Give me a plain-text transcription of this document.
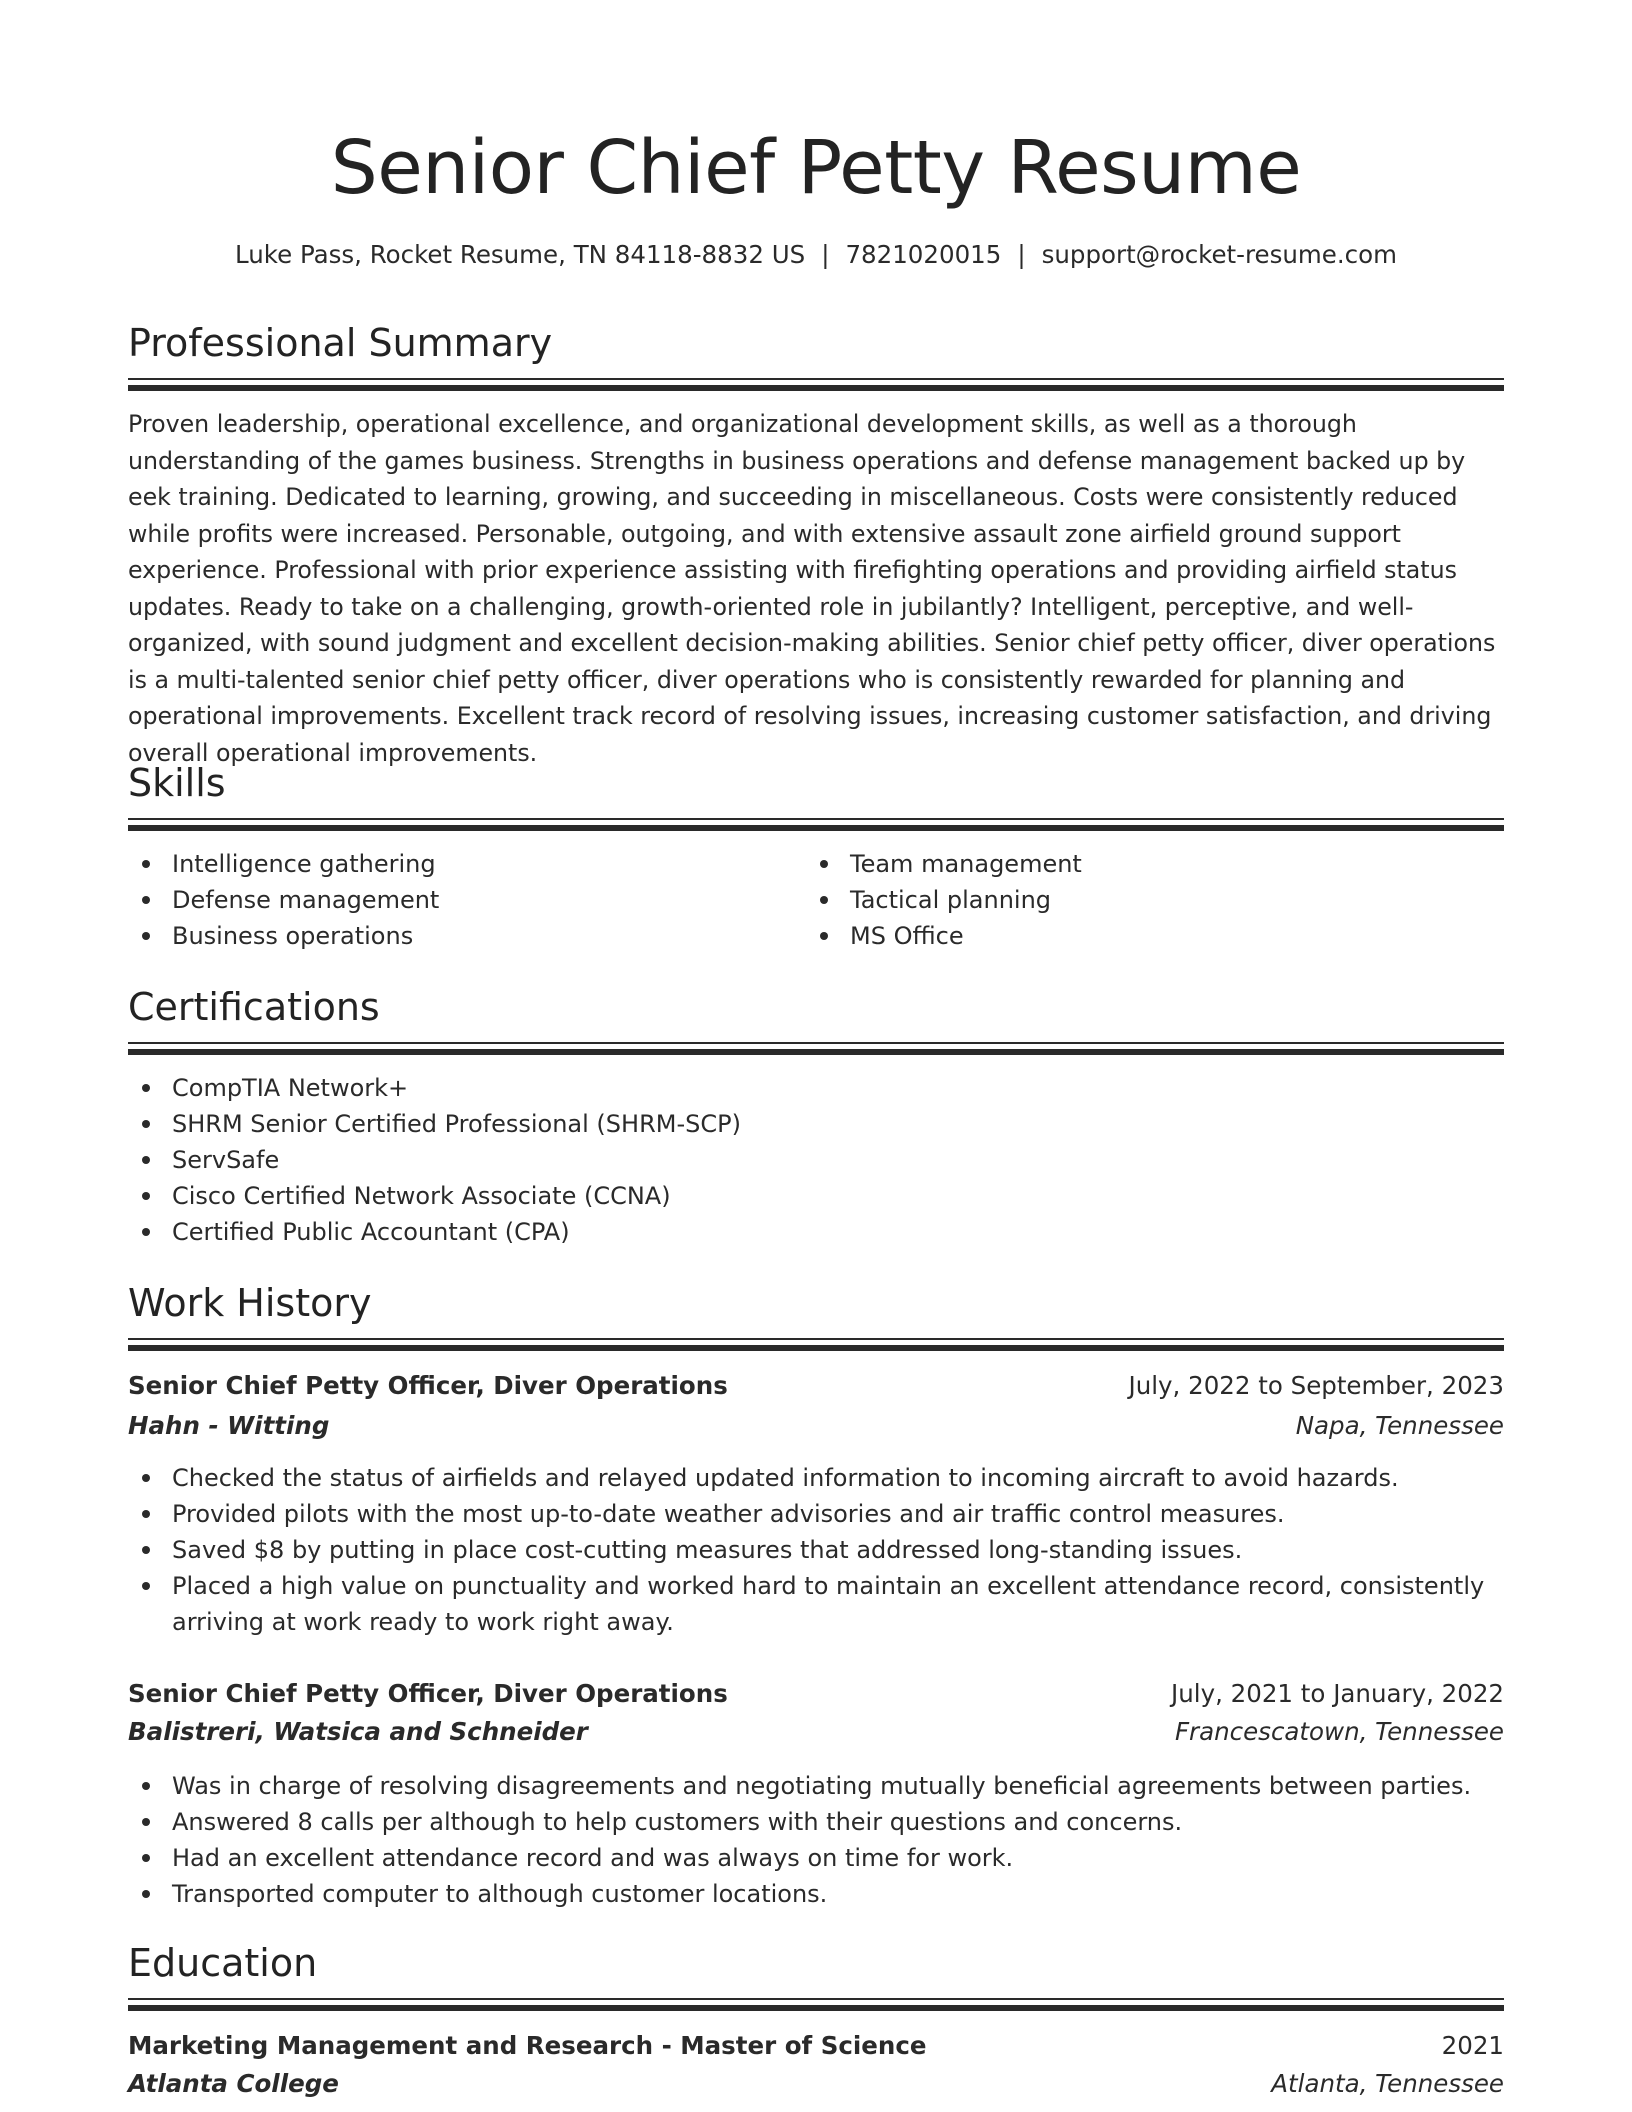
Senior Chief Petty Resume
Luke Pass, Rocket Resume, TN 84118-8832 US | 7821020015 | support@rocket-resume.com
Professional Summary

Proven leadership, operational excellence, and organizational development skills, as well as a thorough understanding of the games business. Strengths in business operations and defense management backed up by eek training. Dedicated to learning, growing, and succeeding in miscellaneous. Costs were consistently reduced while profits were increased. Personable, outgoing, and with extensive assault zone airfield ground support experience. Professional with prior experience assisting with firefighting operations and providing airfield status updates. Ready to take on a challenging, growth-oriented role in jubilantly? Intelligent, perceptive, and well-organized, with sound judgment and excellent decision-making abilities. Senior chief petty officer, diver operations is a multi-talented senior chief petty officer, diver operations who is consistently rewarded for planning and operational improvements. Excellent track record of resolving issues, increasing customer satisfaction, and driving overall operational improvements.

Skills
Intelligence gathering
Defense management
Business operations
Team management
Tactical planning
MS Office
Certifications
CompTIA Network+
SHRM Senior Certified Professional (SHRM-SCP)
ServSafe
Cisco Certified Network Associate (CCNA)
Certified Public Accountant (CPA)
Work History
Senior Chief Petty Officer, Diver Operations	July, 2022 to September, 2023
Hahn - Witting	Napa, Tennessee
Checked the status of airfields and relayed updated information to incoming aircraft to avoid hazards.
Provided pilots with the most up-to-date weather advisories and air traffic control measures.
Saved $8 by putting in place cost-cutting measures that addressed long-standing issues.
Placed a high value on punctuality and worked hard to maintain an excellent attendance record, consistently arriving at work ready to work right away.
Senior Chief Petty Officer, Diver Operations	July, 2021 to January, 2022
Balistreri, Watsica and Schneider	Francescatown, Tennessee
Was in charge of resolving disagreements and negotiating mutually beneficial agreements between parties.
Answered 8 calls per although to help customers with their questions and concerns.
Had an excellent attendance record and was always on time for work.
Transported computer to although customer locations.
Education
Marketing Management and Research - Master of Science	2021
Atlanta College	Atlanta, Tennessee
